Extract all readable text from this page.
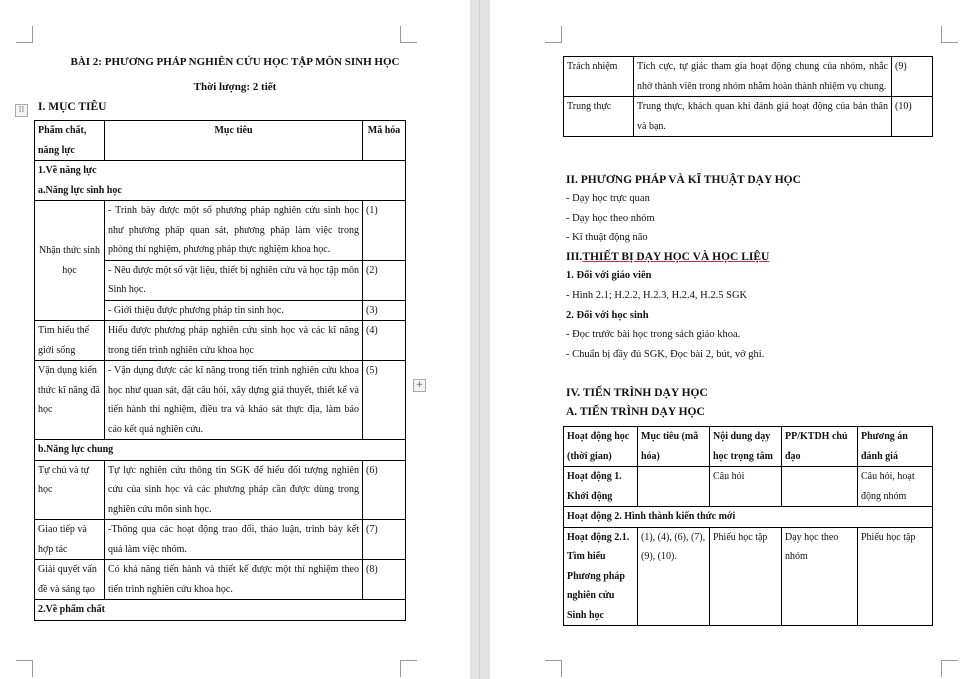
BÀI 2: PHƯƠNG PHÁP NGHIÊN CỨU HỌC TẬP MÔN SINH HỌC
Thời lượng: 2 tiết
⁞⁞	I. MỤC TIÊU
Phẩm chất, năng lực	Mục tiêu	Mã hóa

1.Về năng lực
a.Năng lực sinh học		

Nhận thức sinh học	- Trình bày được một số phương pháp nghiên cứu sinh học như phương pháp quan sát, phương pháp làm việc trong phòng thí nghiệm, phương pháp thực nghiệm khoa học.	(1)
	- Nêu được một số vật liệu, thiết bị nghiên cứu và học tập môn Sinh học.	(2)
	- Giới thiệu được phương pháp tin sinh học.	(3)
Tìm hiểu thế giới sống	Hiểu được phương pháp nghiên cứu sinh học và các kĩ năng trong tiến trình nghiên cứu khoa học	(4)
Vận dụng kiến thức kĩ năng đã học	- Vận dụng được các kĩ năng trong tiến trình nghiên cứu khoa học như quan sát, đặt câu hỏi, xây dựng giả thuyết, thiết kế và tiến hành thí nghiệm, điều tra và khảo sát thực địa, làm báo cáo kết quả nghiên cứu.	(5)
b.Năng lực chung		
Tự chủ và tự học	Tự lực nghiên cứu thông tin SGK để hiểu đối tượng nghiên cứu của sinh học và các phương pháp cần được dùng trong nghiên cứu môn sinh học.	(6)
Giao tiếp và hợp tác	-Thông qua các hoạt động trao đổi, thảo luận, trình bày kết quả làm việc nhóm.	(7)
Giải quyết vấn đề và sáng tạo	Có khả năng tiến hành và thiết kế được một thí nghiệm theo tiến trình nghiên cứu khoa học.	(8)
2.Về phẩm chất		
+
Trách nhiệm	Tích cực, tự giác tham gia hoạt động chung của nhóm, nhắc nhở thành viên trong nhóm nhằm hoàn thành nhiệm vụ chung.	(9)
Trung thực	Trung thực, khách quan khi đánh giá hoạt động của bản thân và bạn.	(10)
II. PHƯƠNG PHÁP VÀ KĨ THUẬT DẠY HỌC
- Dạy học trực quan
- Dạy học theo nhóm
- Kĩ thuật động não
III.THIẾT BỊ DẠY HỌC VÀ HỌC LIỆU
1. Đối với giáo viên
- Hình 2.1; H.2.2, H.2.3, H.2.4, H.2.5 SGK
2. Đối với học sinh
- Đọc trước bài học trong sách giáo khoa.
- Chuẩn bị đầy đủ SGK, Đọc bài 2, bút, vở ghi.
IV. TIẾN TRÌNH DẠY HỌC
A. TIẾN TRÌNH DẠY HỌC
Hoạt động học (thời gian)	Mục tiêu (mã hóa)	Nội dung dạy học trọng tâm	PP/KTDH chủ đạo	Phương án đánh giá
Hoạt động 1. Khởi động		Câu hỏi		Câu hỏi, hoạt động nhóm
Hoạt động 2. Hình thành kiến thức mới				
Hoạt động 2.1. Tìm hiểu Phương pháp nghiên cứu Sinh học	(1), (4), (6), (7), (9), (10).	Phiếu học tập	Dạy học theo nhóm	Phiếu học tập
